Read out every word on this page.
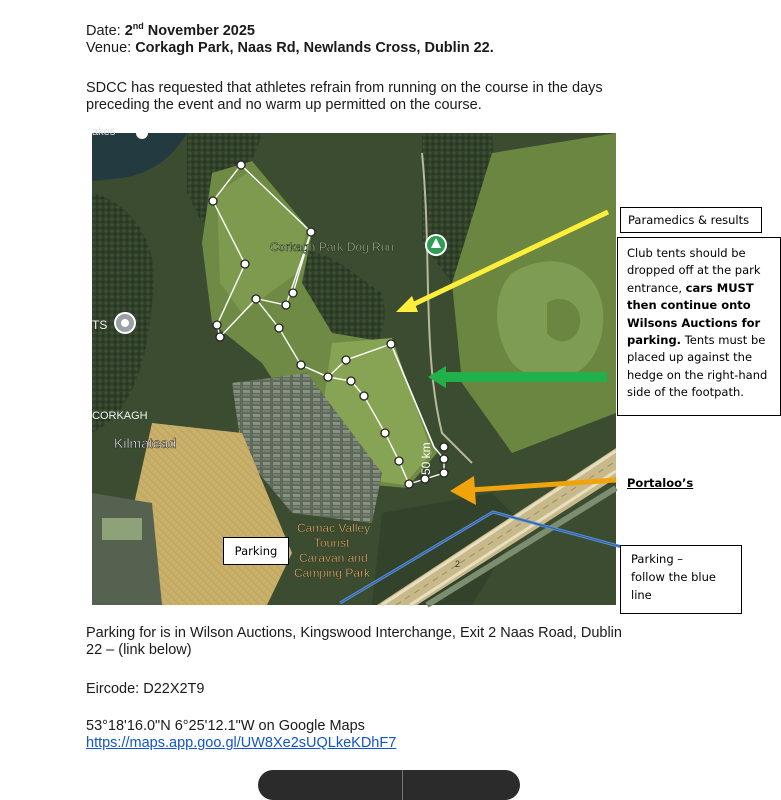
Date: 2nd November 2025
Venue: Corkagh Park, Naas Rd, Newlands Cross, Dublin 22.
SDCC has requested that athletes refrain from running on the course in the days
preceding the event and no warm up permitted on the course.
Corkagh Park Dog Run
TS
CORKAGH
Kilmatead
akes
Camac Valley
Tourist
Caravan and
Camping Park
50 km
2
Paramedics & results
Club tents should be
dropped off at the park
entrance, cars MUST
then continue onto
Wilsons Auctions for
parking. Tents must be
placed up against the
hedge on the right-hand
side of the footpath.
Portaloo’s
Parking
Parking –
follow the blue
line
Parking for is in Wilson Auctions, Kingswood Interchange, Exit 2 Naas Road, Dublin
22 – (link below)
Eircode: D22X2T9
53°18'16.0"N 6°25'12.1"W on Google Maps
https://maps.app.goo.gl/UW8Xe2sUQLkeKDhF7
